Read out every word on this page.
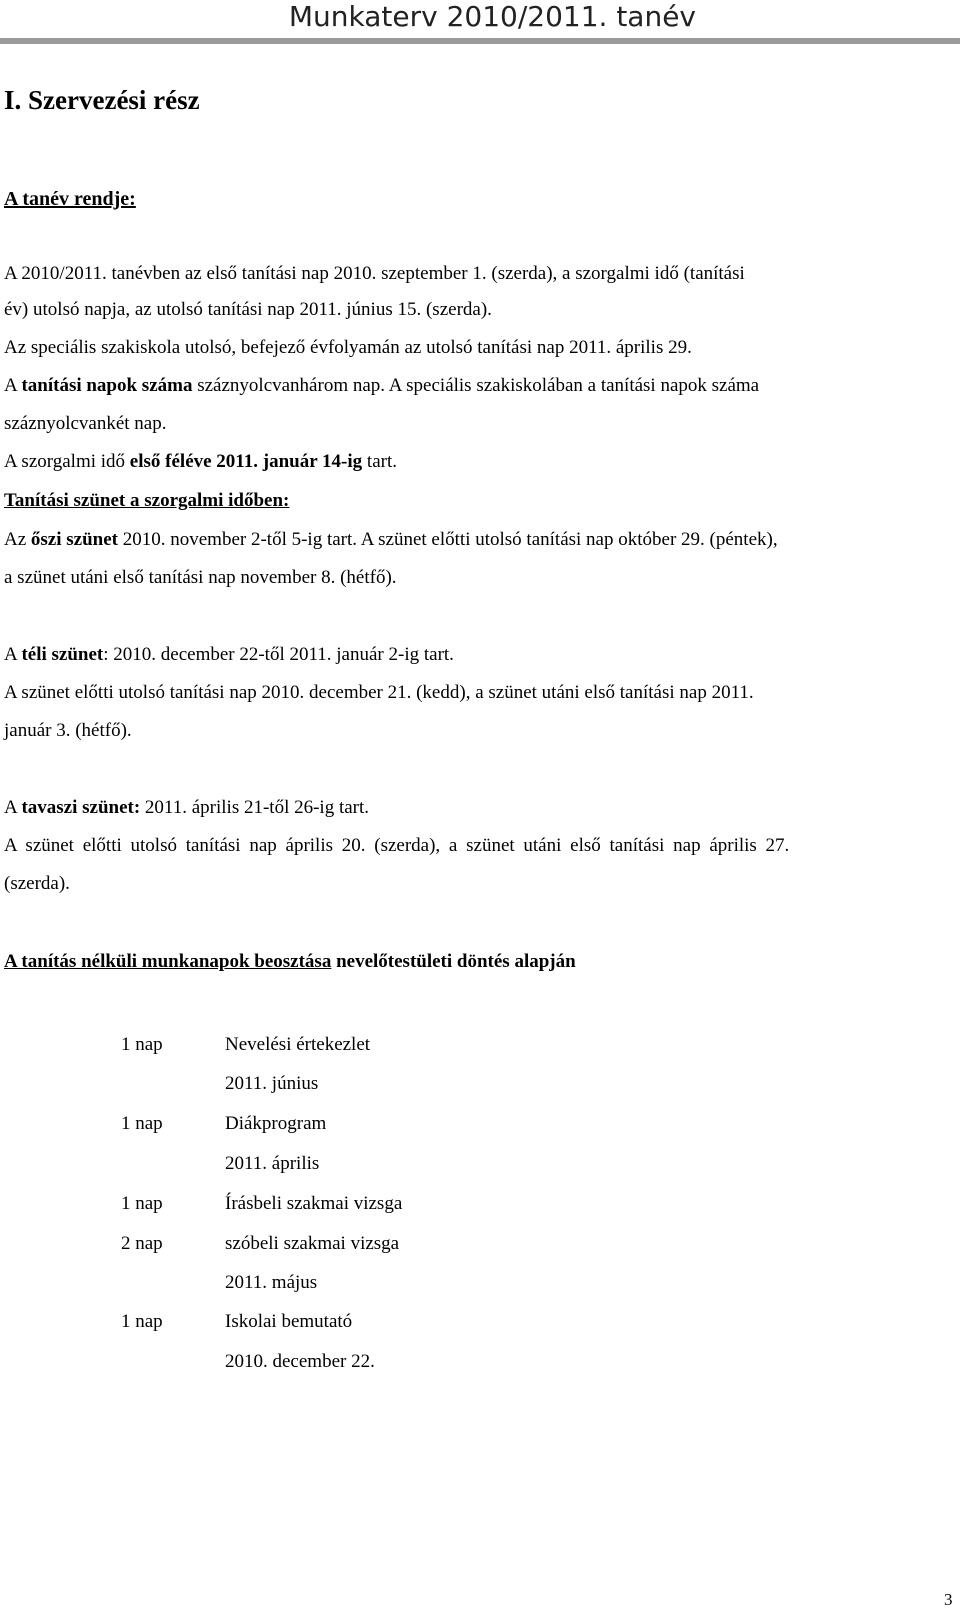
Munkaterv 2010/2011. tanév
I. Szervezési rész
A tanév rendje:
A 2010/2011. tanévben az első tanítási nap 2010. szeptember 1. (szerda), a szorgalmi idő (tanítási
év) utolsó napja, az utolsó tanítási nap 2011. június 15. (szerda).
Az speciális szakiskola utolsó, befejező évfolyamán az utolsó tanítási nap 2011. április 29.
A tanítási napok száma száznyolcvanhárom nap. A speciális szakiskolában a tanítási napok száma
száznyolcvankét nap.
A szorgalmi idő első féléve 2011. január 14-ig tart.
Tanítási szünet a szorgalmi időben:
Az őszi szünet 2010. november 2-től 5-ig tart. A szünet előtti utolsó tanítási nap október 29. (péntek),
a szünet utáni első tanítási nap november 8. (hétfő).
A téli szünet: 2010. december 22-től 2011. január 2-ig tart.
A szünet előtti utolsó tanítási nap 2010. december 21. (kedd), a szünet utáni első tanítási nap 2011.
január 3. (hétfő).
A tavaszi szünet: 2011. április 21-től 26-ig tart.
A szünet előtti utolsó tanítási nap április 20. (szerda), a szünet utáni első tanítási nap április 27.
(szerda).
A tanítás nélküli munkanapok beosztása nevelőtestületi döntés alapján
1 nap	Nevelési értekezlet
2011. június
1 nap	Diákprogram
2011. április
1 nap	Írásbeli szakmai vizsga
2 nap	szóbeli szakmai vizsga
2011. május
1 nap	Iskolai bemutató
2010. december 22.
3
